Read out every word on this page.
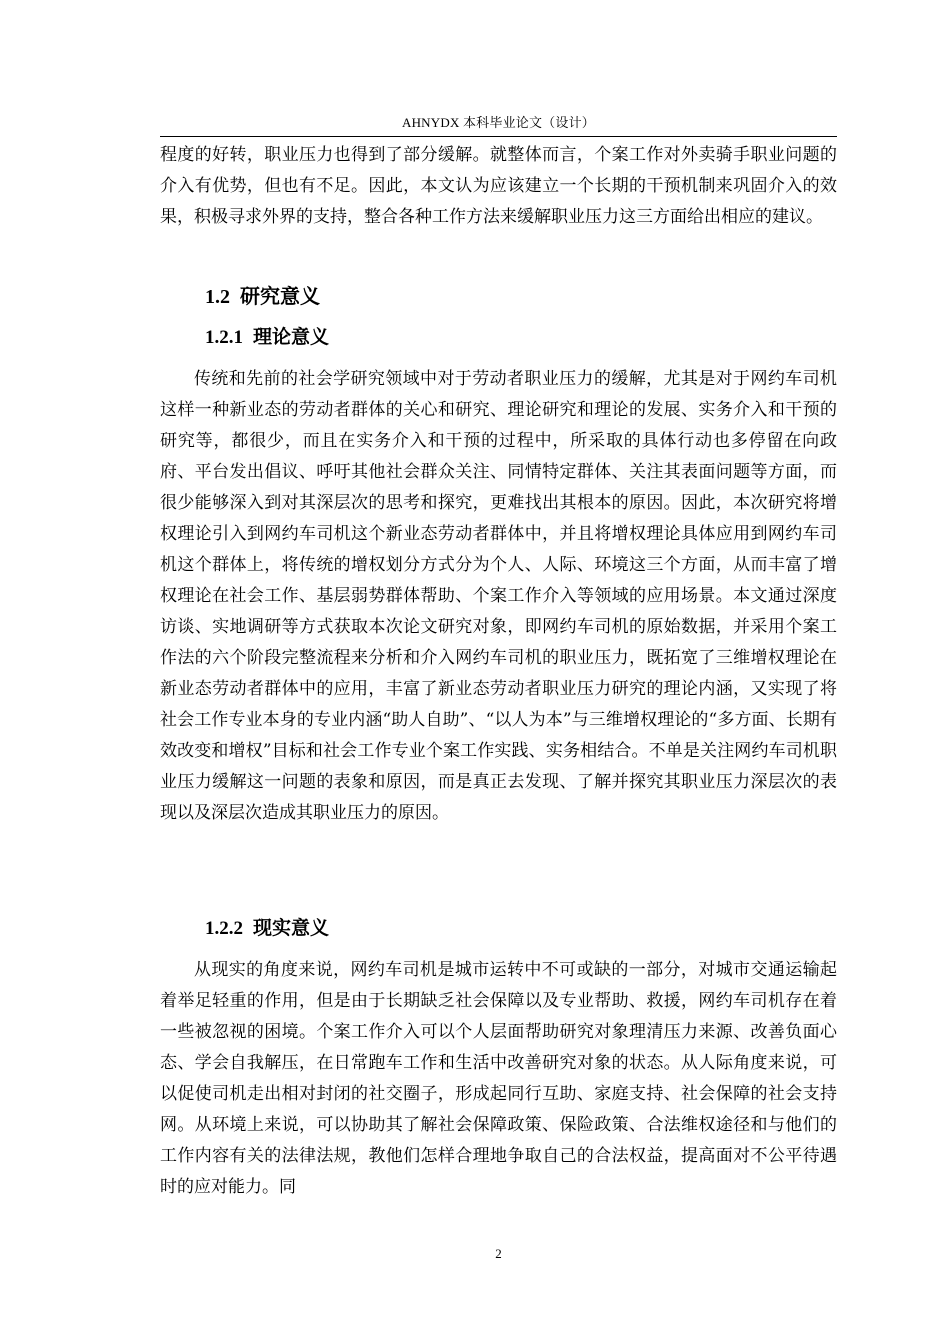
AHNYDX 本科毕业论文（设计）

程度的好转，职业压力也得到了部分缓解。就整体而言，个案工作对外卖骑手职业问题的介入有优势，但也有不足。因此，本文认为应该建立一个长期的干预机制来巩固介入的效果，积极寻求外界的支持，整合各种工作方法来缓解职业压力这三方面给出相应的建议。

1.2 研究意义
1.2.1 理论意义

传统和先前的社会学研究领域中对于劳动者职业压力的缓解，尤其是对于网约车司机这样一种新业态的劳动者群体的关心和研究、理论研究和理论的发展、实务介入和干预的研究等，都很少，而且在实务介入和干预的过程中，所采取的具体行动也多停留在向政府、平台发出倡议、呼吁其他社会群众关注、同情特定群体、关注其表面问题等方面，而很少能够深入到对其深层次的思考和探究，更难找出其根本的原因。因此，本次研究将增权理论引入到网约车司机这个新业态劳动者群体中，并且将增权理论具体应用到网约车司机这个群体上，将传统的增权划分方式分为个人、人际、环境这三个方面，从而丰富了增权理论在社会工作、基层弱势群体帮助、个案工作介入等领域的应用场景。本文通过深度访谈、实地调研等方式获取本次论文研究对象，即网约车司机的原始数据，并采用个案工作法的六个阶段完整流程来分析和介入网约车司机的职业压力，既拓宽了三维增权理论在新业态劳动者群体中的应用，丰富了新业态劳动者职业压力研究的理论内涵，又实现了将社会工作专业本身的专业内涵“助人自助”、“以人为本”与三维增权理论的“多方面、长期有效改变和增权”目标和社会工作专业个案工作实践、实务相结合。不单是关注网约车司机职业压力缓解这一问题的表象和原因，而是真正去发现、了解并探究其职业压力深层次的表现以及深层次造成其职业压力的原因。

1.2.2 现实意义

从现实的角度来说，网约车司机是城市运转中不可或缺的一部分，对城市交通运输起着举足轻重的作用，但是由于长期缺乏社会保障以及专业帮助、救援，网约车司机存在着一些被忽视的困境。个案工作介入可以个人层面帮助研究对象理清压力来源、改善负面心态、学会自我解压，在日常跑车工作和生活中改善研究对象的状态。从人际角度来说，可以促使司机走出相对封闭的社交圈子，形成起同行互助、家庭支持、社会保障的社会支持网。从环境上来说，可以协助其了解社会保障政策、保险政策、合法维权途径和与他们的工作内容有关的法律法规，教他们怎样合理地争取自己的合法权益，提高面对不公平待遇时的应对能力。同

2
